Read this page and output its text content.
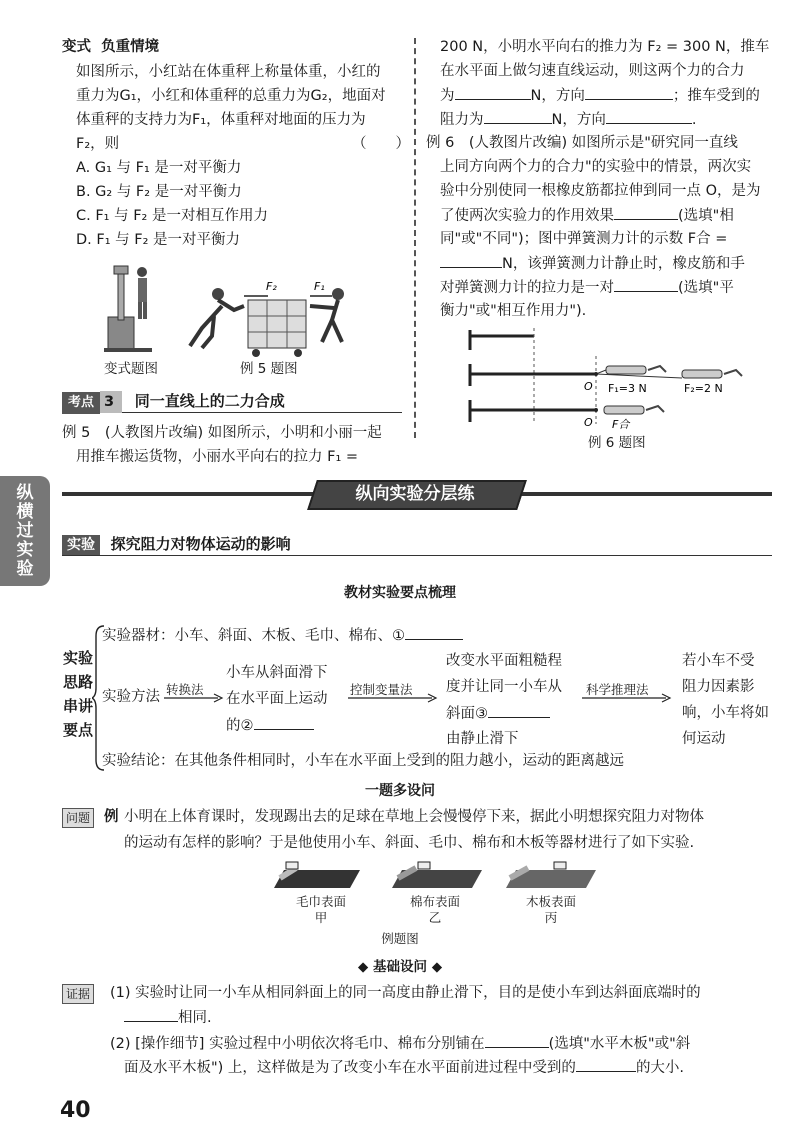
变式 负重情境
如图所示，小红站在体重秤上称量体重，小红的
重力为G₁，小红和体重秤的总重力为G₂，地面对
体重秤的支持力为F₁，体重秤对地面的压力为
F₂，则	（　　）
A. G₁ 与 F₁ 是一对平衡力
B. G₂ 与 F₂ 是一对平衡力
C. F₁ 与 F₂ 是一对相互作用力
D. F₁ 与 F₂ 是一对平衡力
F₂	F₁
变式题图	例 5 题图
考点 3 同一直线上的二力合成
例 5　(人教图片改编) 如图所示，小明和小丽一起
用推车搬运货物，小丽水平向右的拉力 F₁ =
200 N，小明水平向右的推力为 F₂ = 300 N，推车
在水平面上做匀速直线运动，则这两个力的合力
为	N，方向	；推车受到的
阻力为	N，方向	.
例 6　(人教图片改编) 如图所示是"研究同一直线
上同方向两个力的合力"的实验中的情景，两次实
验中分别使同一根橡皮筋都拉伸到同一点 O，是为
了使两次实验力的作用效果	(选填"相
同"或"不同")；图中弹簧测力计的示数 F合 =
N，该弹簧测力计静止时，橡皮筋和手
对弹簧测力计的拉力是一对	(选填"平
衡力"或"相互作用力").
O F₁=3 N	F₂=2 N
O F合
例 6 题图
纵横过实验
纵向实验分层练
实验 探究阻力对物体运动的影响
教材实验要点梳理
实验
思路
串讲
要点
实验器材：小车、斜面、木板、毛巾、棉布、①
实验方法 转换法
小车从斜面滑下
在水平面上运动
的②
控制变量法
改变水平面粗糙程
度并让同一小车从
斜面③
由静止滑下
科学推理法
若小车不受
阻力因素影
响，小车将如
何运动
实验结论：在其他条件相同时，小车在水平面上受到的阻力越小，运动的距离越远
一题多设问
问题 例 小明在上体育课时，发现踢出去的足球在草地上会慢慢停下来，据此小明想探究阻力对物体
的运动有怎样的影响？于是他使用小车、斜面、毛巾、棉布和木板等器材进行了如下实验.
毛巾表面
甲
棉布表面
乙
木板表面
丙
例题图
◆ 基础设问 ◆
证据 (1) 实验时让同一小车从相同斜面上的同一高度由静止滑下，目的是使小车到达斜面底端时的
相同.
(2) [操作细节] 实验过程中小明依次将毛巾、棉布分别铺在	(选填"水平木板"或"斜
面及水平木板") 上，这样做是为了改变小车在水平面前进过程中受到的	的大小.
40
